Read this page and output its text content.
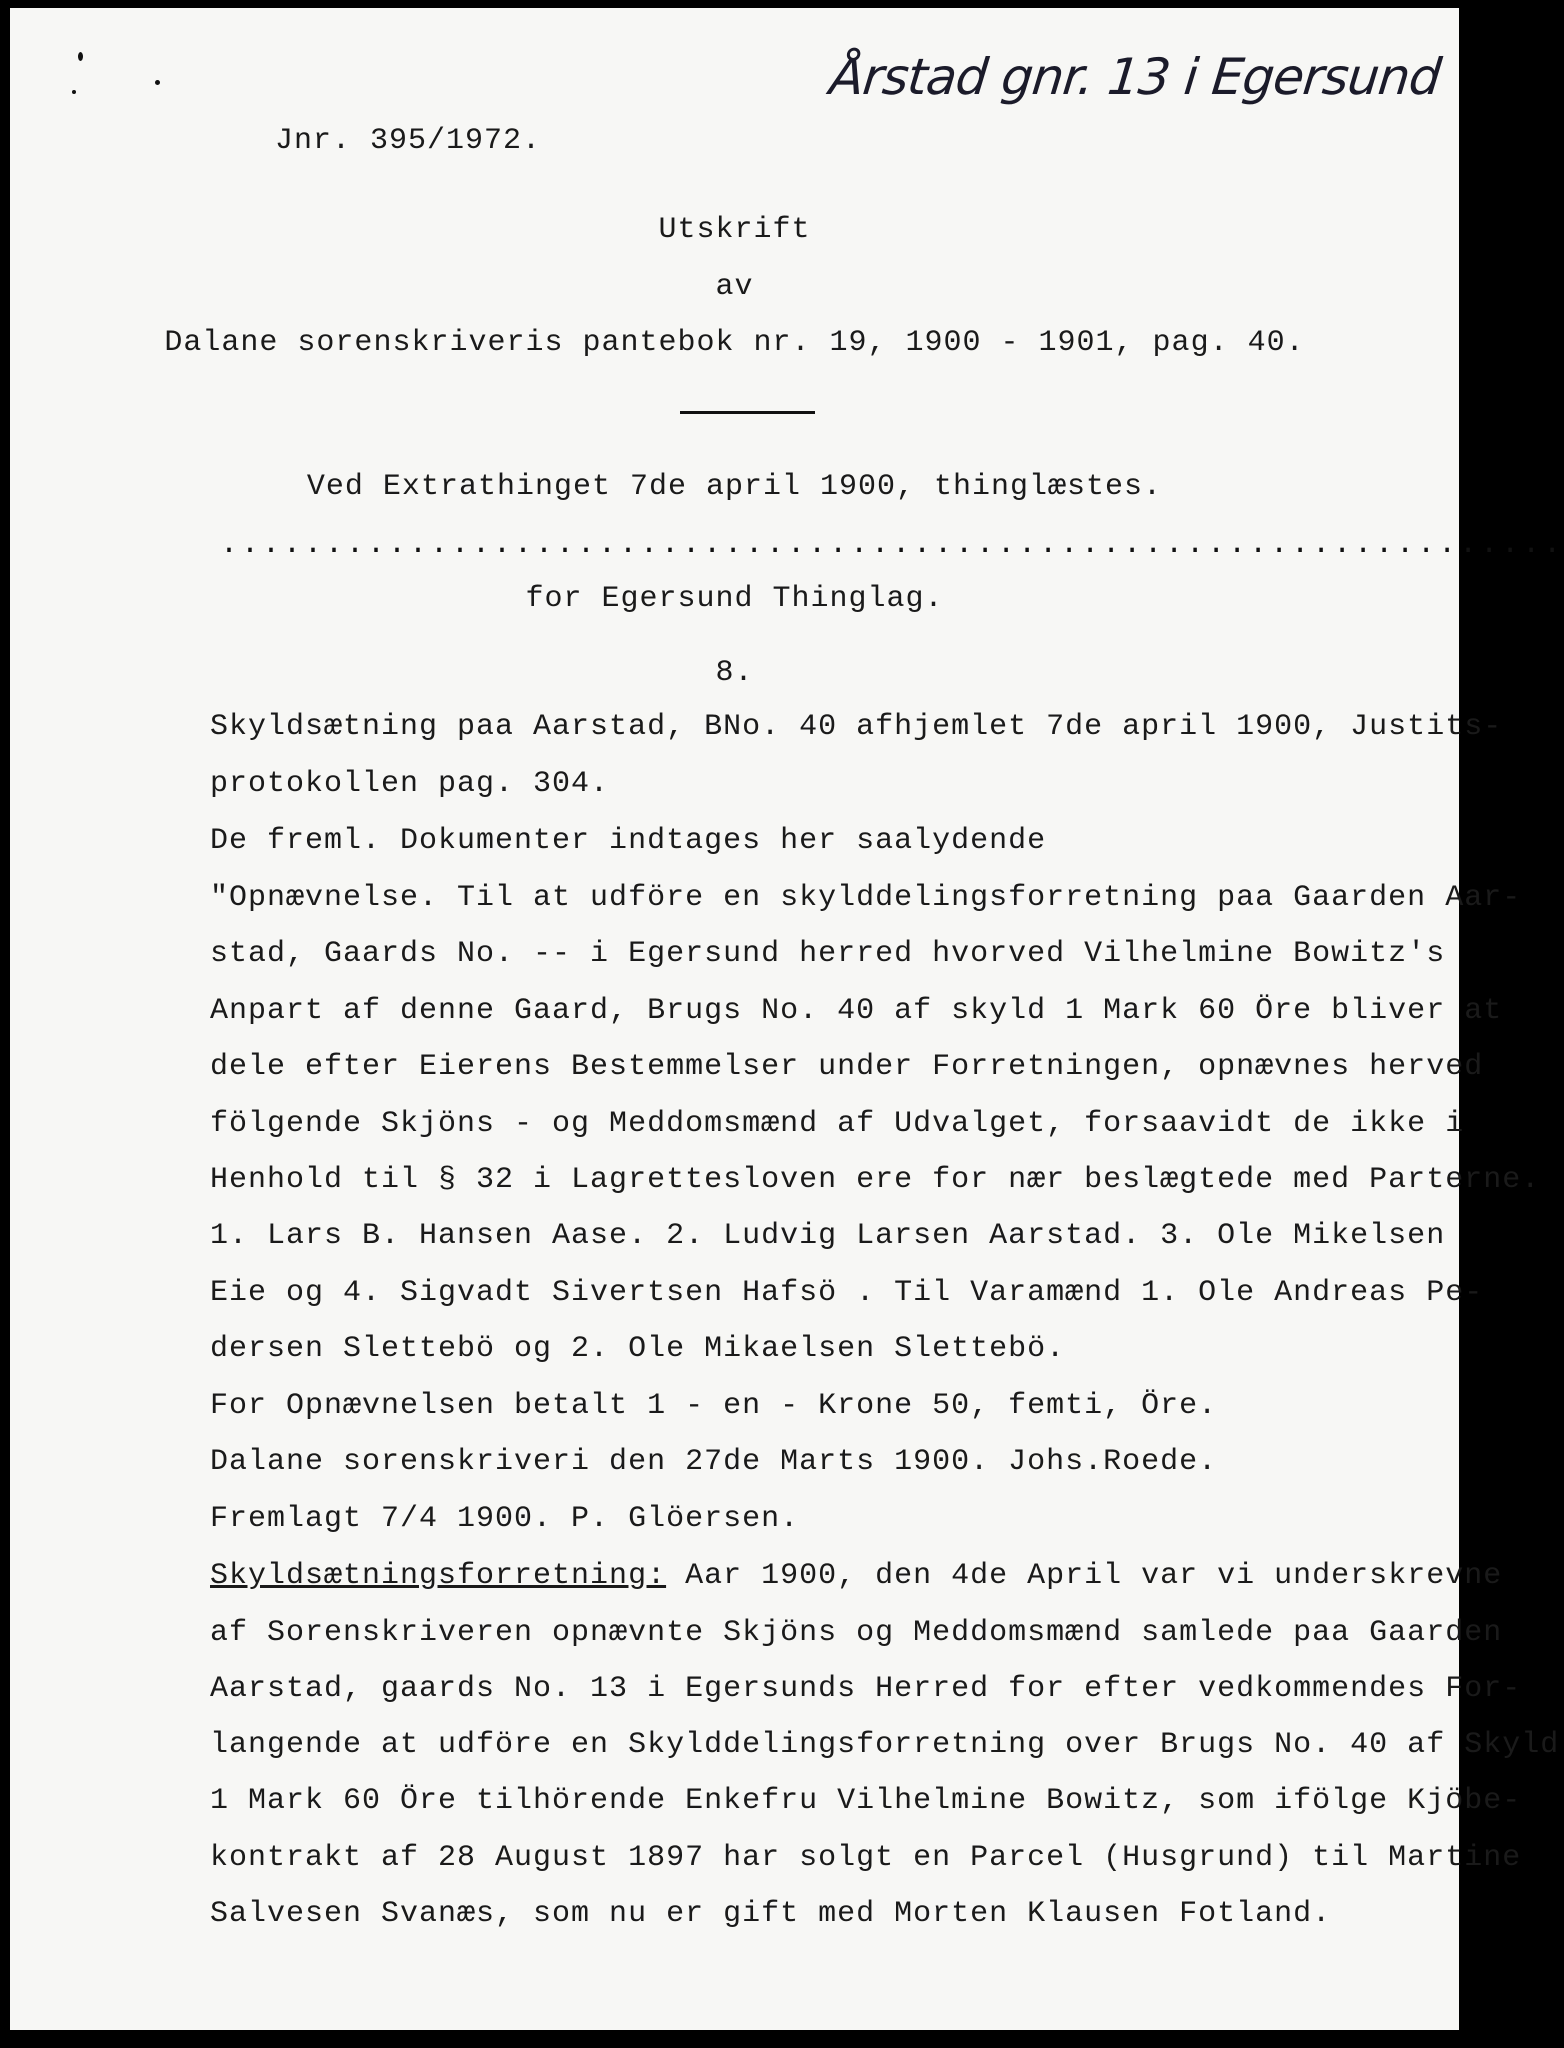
Årstad gnr. 13 i Egersund
Jnr. 395/1972.
Utskrift
av
Dalane sorenskriveris pantebok nr. 19, 1900 - 1901, pag. 40.
Ved Extrathinget 7de april 1900, thinglæstes.
................................................................
for Egersund Thinglag.
8.
Skyldsætning paa Aarstad, BNo. 40 afhjemlet 7de april 1900, Justits-
protokollen pag. 304.
De freml. Dokumenter indtages her saalydende
"Opnævnelse. Til at udföre en skylddelingsforretning paa Gaarden Aar-
stad, Gaards No. -- i Egersund herred hvorved Vilhelmine Bowitz's
Anpart af denne Gaard, Brugs No. 40 af skyld 1 Mark 60 Öre bliver at
dele efter Eierens Bestemmelser under Forretningen, opnævnes herved
fölgende Skjöns - og Meddomsmænd af Udvalget, forsaavidt de ikke i
Henhold til § 32 i Lagrettesloven ere for nær beslægtede med Parterne.
1. Lars B. Hansen Aase. 2. Ludvig Larsen Aarstad. 3. Ole Mikelsen
Eie og 4. Sigvadt Sivertsen Hafsö . Til Varamænd 1. Ole Andreas Pe-
dersen Slettebö og 2. Ole Mikaelsen Slettebö.
For Opnævnelsen betalt 1 - en - Krone 50, femti, Öre.
Dalane sorenskriveri den 27de Marts 1900. Johs.Roede.
Fremlagt 7/4 1900. P. Glöersen.
Skyldsætningsforretning: Aar 1900, den 4de April var vi underskrevne
af Sorenskriveren opnævnte Skjöns og Meddomsmænd samlede paa Gaarden
Aarstad, gaards No. 13 i Egersunds Herred for efter vedkommendes For-
langende at udföre en Skylddelingsforretning over Brugs No. 40 af Skyld
1 Mark 60 Öre tilhörende Enkefru Vilhelmine Bowitz, som ifölge Kjöbe-
kontrakt af 28 August 1897 har solgt en Parcel (Husgrund) til Martine
Salvesen Svanæs, som nu er gift med Morten Klausen Fotland.
